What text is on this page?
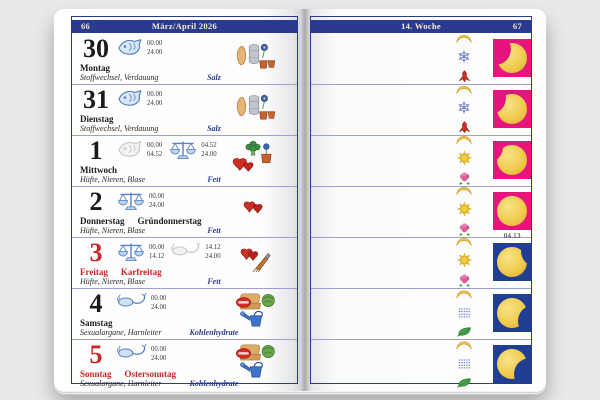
66	März/April 2026
30	00.00
24.00
Montag
Stoffwechsel, Verdauung	Salz
31	00.00
24.00
Dienstag
Stoffwechsel, Verdauung	Salz
1	00.00
04.52
04.52
24.00
Mittwoch
Hüfte, Nieren, Blase	Fett
2	00.00
24.00
Donnerstag Gründonnerstag
Hüfte, Nieren, Blase	Fett
3	00.00
14.12
14.12
24.00
Freitag Karfreitag
Hüfte, Nieren, Blase	Fett
4	00.00
24.00
Samstag
Sexualorgane, Harnleiter	Kohlenhydrate
5	00.00
24.00
Sonntag Ostersonntag
Sexualorgane, Harnleiter	Kohlenhydrate
67
14. Woche
04.13
